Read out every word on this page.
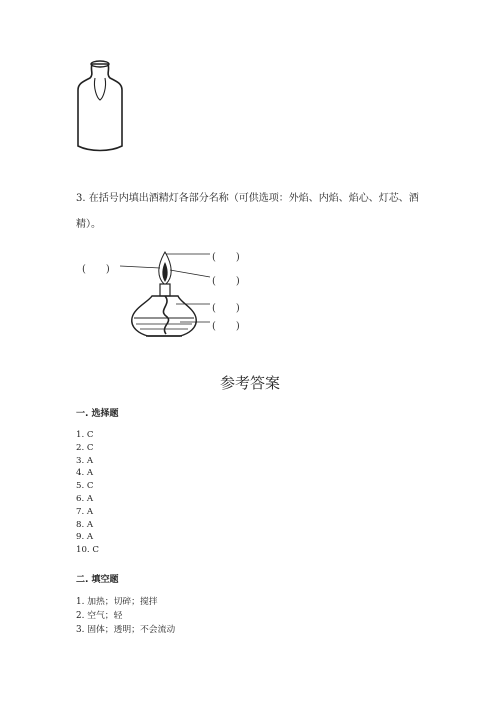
3. 在括号内填出酒精灯各部分名称（可供选项：外焰、内焰、焰心、灯芯、酒精）。
(　　)
(　　)
(　　)
(　　)
(　　)
参考答案
一. 选择题
1. C
2. C
3. A
4. A
5. C
6. A
7. A
8. A
9. A
10. C
二. 填空题
1. 加热；切碎；搅拌
2. 空气；轻
3. 固体；透明；不会流动
